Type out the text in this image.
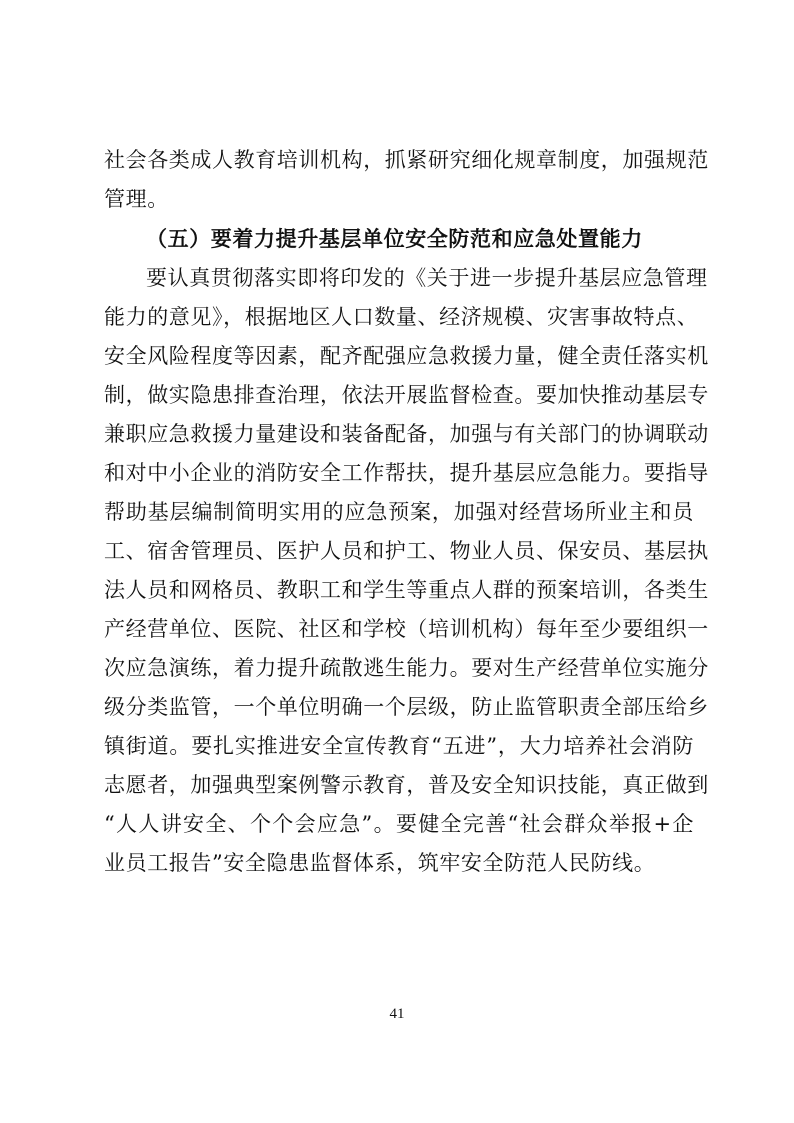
社会各类成人教育培训机构，抓紧研究细化规章制度，加强规范
管理。
（五）要着力提升基层单位安全防范和应急处置能力
要认真贯彻落实即将印发的《关于进一步提升基层应急管理
能力的意见》，根据地区人口数量、经济规模、灾害事故特点、
安全风险程度等因素，配齐配强应急救援力量，健全责任落实机
制，做实隐患排查治理，依法开展监督检查。要加快推动基层专
兼职应急救援力量建设和装备配备，加强与有关部门的协调联动
和对中小企业的消防安全工作帮扶，提升基层应急能力。要指导
帮助基层编制简明实用的应急预案，加强对经营场所业主和员
工、宿舍管理员、医护人员和护工、物业人员、保安员、基层执
法人员和网格员、教职工和学生等重点人群的预案培训，各类生
产经营单位、医院、社区和学校（培训机构）每年至少要组织一
次应急演练，着力提升疏散逃生能力。要对生产经营单位实施分
级分类监管，一个单位明确一个层级，防止监管职责全部压给乡
镇街道。要扎实推进安全宣传教育“五进”，大力培养社会消防
志愿者，加强典型案例警示教育，普及安全知识技能，真正做到
“人人讲安全、个个会应急”。要健全完善“社会群众举报+企
业员工报告”安全隐患监督体系，筑牢安全防范人民防线。
41
